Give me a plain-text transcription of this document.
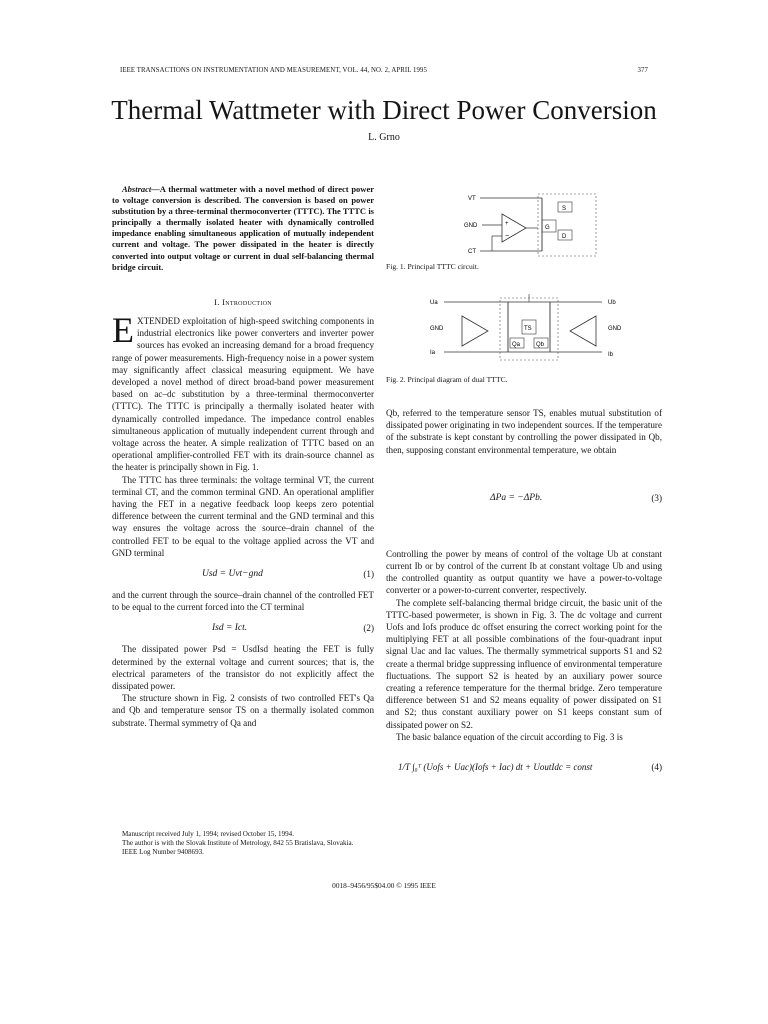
IEEE TRANSACTIONS ON INSTRUMENTATION AND MEASUREMENT, VOL. 44, NO. 2, APRIL 1995	377
Thermal Wattmeter with Direct Power Conversion
L. Grno
Abstract—A thermal wattmeter with a novel method of direct power to voltage conversion is described. The conversion is based on power substitution by a three-terminal thermoconverter (TTTC). The TTTC is principally a thermally isolated heater with dynamically controlled impedance enabling simultaneous application of mutually independent current and voltage. The power dissipated in the heater is directly converted into output voltage or current in dual self-balancing thermal bridge circuit.
I. Introduction

EXTENDED exploitation of high-speed switching components in industrial electronics like power converters and inverter power sources has evoked an increasing demand for a broad frequency range of power measurements. High-frequency noise in a power system may significantly affect classical measuring equipment. We have developed a novel method of direct broad-band power measurement based on ac–dc substitution by a three-terminal thermoconverter (TTTC). The TTTC is principally a thermally isolated heater with dynamically controlled impedance. The impedance control enables simultaneous application of mutually independent current through and voltage across the heater. A simple realization of TTTC based on an operational amplifier-controlled FET with its drain-source channel as the heater is principally shown in Fig. 1.

The TTTC has three terminals: the voltage terminal VT, the current terminal CT, and the common terminal GND. An operational amplifier having the FET in a negative feedback loop keeps zero potential difference between the current terminal and the GND terminal and this way ensures the voltage across the source–drain channel of the controlled FET to be equal to the voltage applied across the VT and GND terminal

Usd = Uvt−gnd	(1)

and the current through the source–drain channel of the controlled FET to be equal to the current forced into the CT terminal

Isd = Ict.	(2)

The dissipated power Psd = UsdIsd heating the FET is fully determined by the external voltage and current sources; that is, the electrical parameters of the transistor do not explicitly affect the dissipated power.

The structure shown in Fig. 2 consists of two controlled FET's Qa and Qb and temperature sensor TS on a thermally isolated common substrate. Thermal symmetry of Qa and

Manuscript received July 1, 1994; revised October 15, 1994.
The author is with the Slovak Institute of Metrology, 842 55 Bratislava, Slovakia.
IEEE Log Number 9408693.
VT
GND	+
−
CT
S
G
D
Fig. 1. Principal TTTC circuit.
Ua	Ub
GND	GND
Ia	Ib
TS
Qa	Qb
Fig. 2. Principal diagram of dual TTTC.

Qb, referred to the temperature sensor TS, enables mutual substitution of dissipated power originating in two independent sources. If the temperature of the substrate is kept constant by controlling the power dissipated in Qb, then, supposing constant environmental temperature, we obtain

ΔPa = −ΔPb.	(3)

Controlling the power by means of control of the voltage Ub at constant current Ib or by control of the current Ib at constant voltage Ub and using the controlled quantity as output quantity we have a power-to-voltage converter or a power-to-current converter, respectively.

The complete self-balancing thermal bridge circuit, the basic unit of the TTTC-based powermeter, is shown in Fig. 3. The dc voltage and current Uofs and Iofs produce dc offset ensuring the correct working point for the multiplying FET at all possible combinations of the four-quadrant input signal Uac and Iac values. The thermally symmetrical supports S1 and S2 create a thermal bridge suppressing influence of environmental temperature fluctuations. The support S2 is heated by an auxiliary power source creating a reference temperature for the thermal bridge. Zero temperature difference between S1 and S2 means equality of power dissipated on S1 and S2; thus constant auxiliary power on S1 keeps constant sum of dissipated power on S2.

The basic balance equation of the circuit according to Fig. 3 is

1/T ∫₀ᵀ (Uofs + Uac)(Iofs + Iac) dt + UoutIdc = const	(4)
0018–9456/95$04.00 © 1995 IEEE
